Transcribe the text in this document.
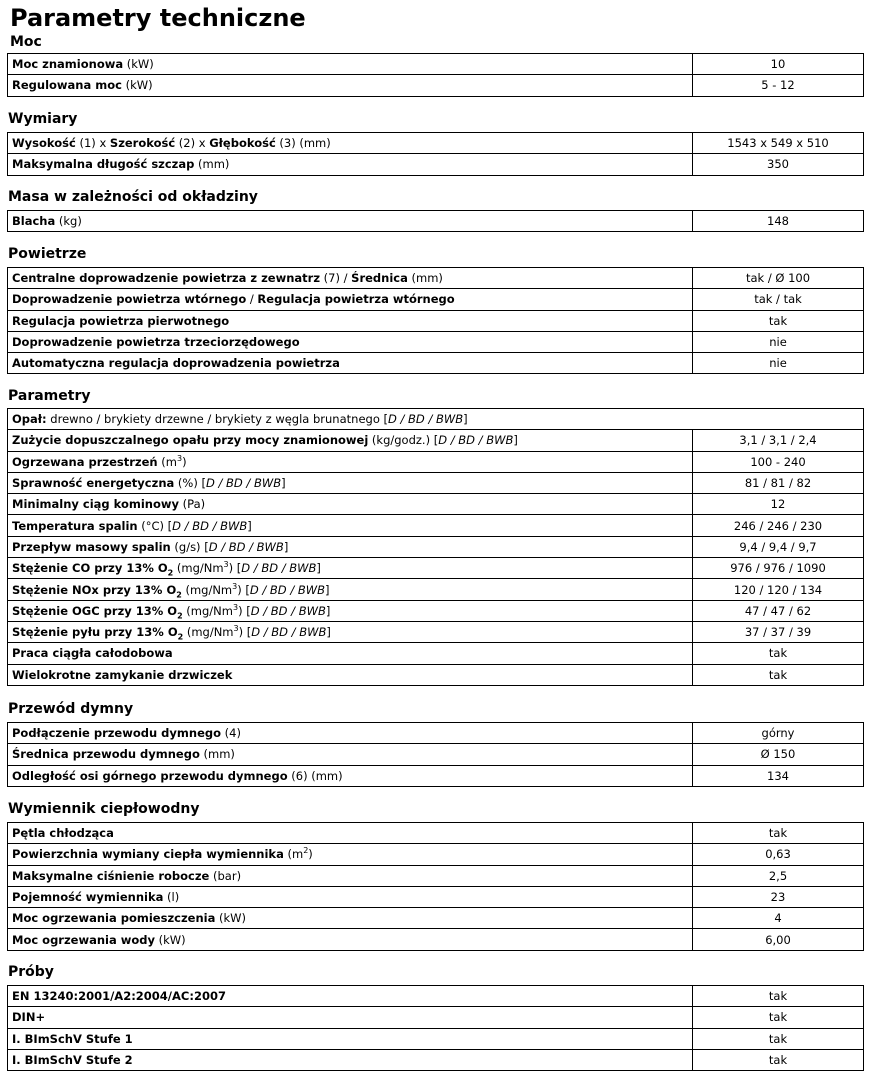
Parametry techniczne
Moc
Moc znamionowa (kW)	10
Regulowana moc (kW)	5 - 12
Wymiary
Wysokość (1) x Szerokość (2) x Głębokość (3) (mm)	1543 x 549 x 510
Maksymalna długość szczap (mm)	350
Masa w zależności od okładziny
Blacha (kg)	148
Powietrze
Centralne doprowadzenie powietrza z zewnatrz (7) / Średnica (mm)	tak / Ø 100
Doprowadzenie powietrza wtórnego / Regulacja powietrza wtórnego	tak / tak
Regulacja powietrza pierwotnego	tak
Doprowadzenie powietrza trzeciorzędowego	nie
Automatyczna regulacja doprowadzenia powietrza	nie
Parametry
Opał: drewno / brykiety drzewne / brykiety z węgla brunatnego [D / BD / BWB]	
Zużycie dopuszczalnego opału przy mocy znamionowej (kg/godz.) [D / BD / BWB]	3,1 / 3,1 / 2,4
Ogrzewana przestrzeń $(m^3)$	100 - 240
Sprawność energetyczna (%) [D / BD / BWB]	81 / 81 / 82
Minimalny ciąg kominowy (Pa)	12
Temperatura spalin (°C) [D / BD / BWB]	246 / 246 / 230
Przepływ masowy spalin (g/s) [D / BD / BWB]	9,4 / 9,4 / 9,7
Stężenie CO przy 13% $O_2$ (mg/Nm$^3$) [D / BD / BWB]	976 / 976 / 1090
Stężenie NOx przy 13% $O_2$ (mg/Nm$^3$) [D / BD / BWB]	120 / 120 / 134
Stężenie OGC przy 13% $O_2$ (mg/Nm$^3$) [D / BD / BWB]	47 / 47 / 62
Stężenie pyłu przy 13% $O_2$ (mg/Nm$^3$) [D / BD / BWB]	37 / 37 / 39
Praca ciągła całodobowa	tak
Wielokrotne zamykanie drzwiczek	tak
Przewód dymny
Podłączenie przewodu dymnego (4)	górny
Średnica przewodu dymnego (mm)	Ø 150
Odległość osi górnego przewodu dymnego (6) (mm)	134
Wymiennik ciepłowodny
Pętla chłodząca	tak
Powierzchnia wymiany ciepła wymiennika $(m^2)$	0,63
Maksymalne ciśnienie robocze (bar)	2,5
Pojemność wymiennika (l)	23
Moc ogrzewania pomieszczenia (kW)	4
Moc ogrzewania wody (kW)	6,00
Próby
EN 13240:2001/A2:2004/AC:2007	tak
DIN+	tak
I. BImSchV Stufe 1	tak
I. BImSchV Stufe 2	tak
